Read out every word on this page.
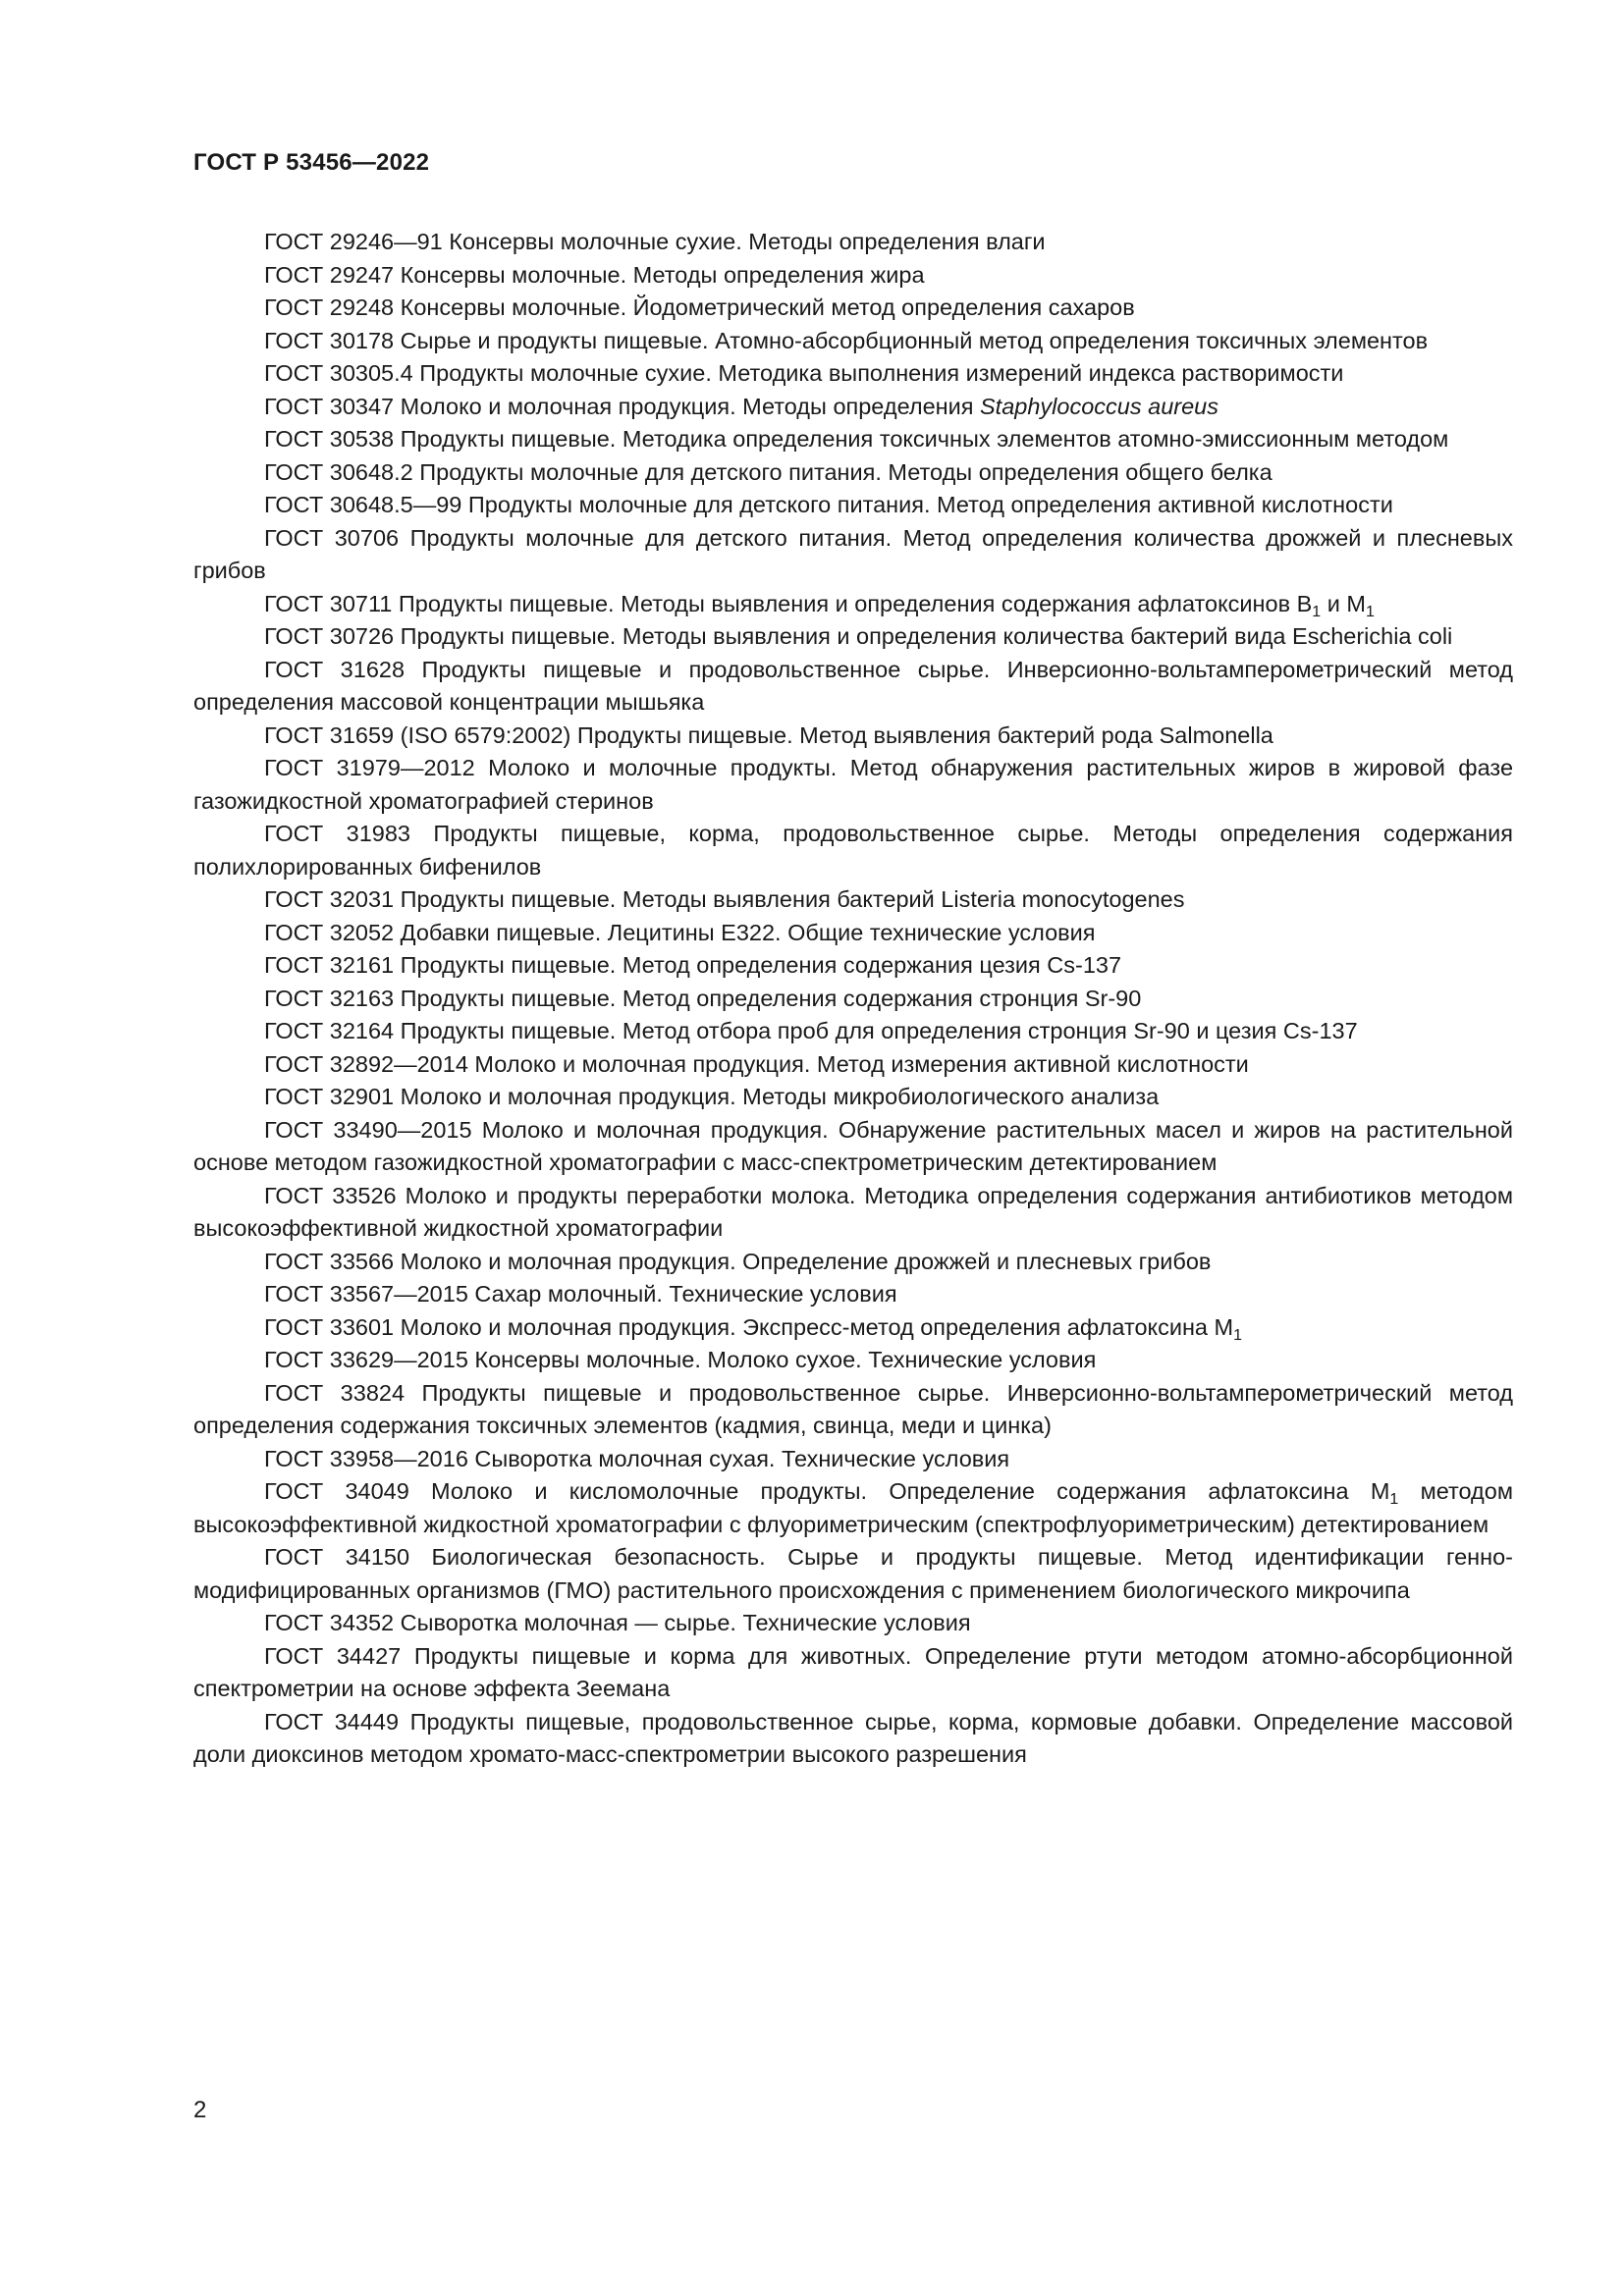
ГОСТ Р 53456—2022

ГОСТ 29246—91 Консервы молочные сухие. Методы определения влаги

ГОСТ 29247 Консервы молочные. Методы определения жира

ГОСТ 29248 Консервы молочные. Йодометрический метод определения сахаров

ГОСТ 30178 Сырье и продукты пищевые. Атомно-абсорбционный метод определения токсичных элементов

ГОСТ 30305.4 Продукты молочные сухие. Методика выполнения измерений индекса растворимости

ГОСТ 30347 Молоко и молочная продукция. Методы определения Staphylococcus aureus

ГОСТ 30538 Продукты пищевые. Методика определения токсичных элементов атомно-эмиссионным методом

ГОСТ 30648.2 Продукты молочные для детского питания. Методы определения общего белка

ГОСТ 30648.5—99 Продукты молочные для детского питания. Метод определения активной кислотности

ГОСТ 30706 Продукты молочные для детского питания. Метод определения количества дрожжей и плесневых грибов

ГОСТ 30711 Продукты пищевые. Методы выявления и определения содержания афлатоксинов $В_1$ и $М_1$

ГОСТ 30726 Продукты пищевые. Методы выявления и определения количества бактерий вида Escherichia coli

ГОСТ 31628 Продукты пищевые и продовольственное сырье. Инверсионно-вольтамперометрический метод определения массовой концентрации мышьяка

ГОСТ 31659 (ISO 6579:2002) Продукты пищевые. Метод выявления бактерий рода Salmonella

ГОСТ 31979—2012 Молоко и молочные продукты. Метод обнаружения растительных жиров в жировой фазе газожидкостной хроматографией стеринов

ГОСТ 31983 Продукты пищевые, корма, продовольственное сырье. Методы определения содержания полихлорированных бифенилов

ГОСТ 32031 Продукты пищевые. Методы выявления бактерий Listeria monocytogenes

ГОСТ 32052 Добавки пищевые. Лецитины Е322. Общие технические условия

ГОСТ 32161 Продукты пищевые. Метод определения содержания цезия Cs-137

ГОСТ 32163 Продукты пищевые. Метод определения содержания стронция Sr-90

ГОСТ 32164 Продукты пищевые. Метод отбора проб для определения стронция Sr-90 и цезия Cs-137

ГОСТ 32892—2014 Молоко и молочная продукция. Метод измерения активной кислотности

ГОСТ 32901 Молоко и молочная продукция. Методы микробиологического анализа

ГОСТ 33490—2015 Молоко и молочная продукция. Обнаружение растительных масел и жиров на растительной основе методом газожидкостной хроматографии с масс-спектрометрическим детектированием

ГОСТ 33526 Молоко и продукты переработки молока. Методика определения содержания антибиотиков методом высокоэффективной жидкостной хроматографии

ГОСТ 33566 Молоко и молочная продукция. Определение дрожжей и плесневых грибов

ГОСТ 33567—2015 Сахар молочный. Технические условия

ГОСТ 33601 Молоко и молочная продукция. Экспресс-метод определения афлатоксина $М_1$

ГОСТ 33629—2015 Консервы молочные. Молоко сухое. Технические условия

ГОСТ 33824 Продукты пищевые и продовольственное сырье. Инверсионно-вольтамперометрический метод определения содержания токсичных элементов (кадмия, свинца, меди и цинка)

ГОСТ 33958—2016 Сыворотка молочная сухая. Технические условия

ГОСТ 34049 Молоко и кисломолочные продукты. Определение содержания афлатоксина $М_1$ методом высокоэффективной жидкостной хроматографии с флуориметрическим (спектрофлуориметрическим) детектированием

ГОСТ 34150 Биологическая безопасность. Сырье и продукты пищевые. Метод идентификации генно-модифицированных организмов (ГМО) растительного происхождения с применением биологического микрочипа

ГОСТ 34352 Сыворотка молочная — сырье. Технические условия

ГОСТ 34427 Продукты пищевые и корма для животных. Определение ртути методом атомно-абсорбционной спектрометрии на основе эффекта Зеемана

ГОСТ 34449 Продукты пищевые, продовольственное сырье, корма, кормовые добавки. Определение массовой доли диоксинов методом хромато-масс-спектрометрии высокого разрешения

2
